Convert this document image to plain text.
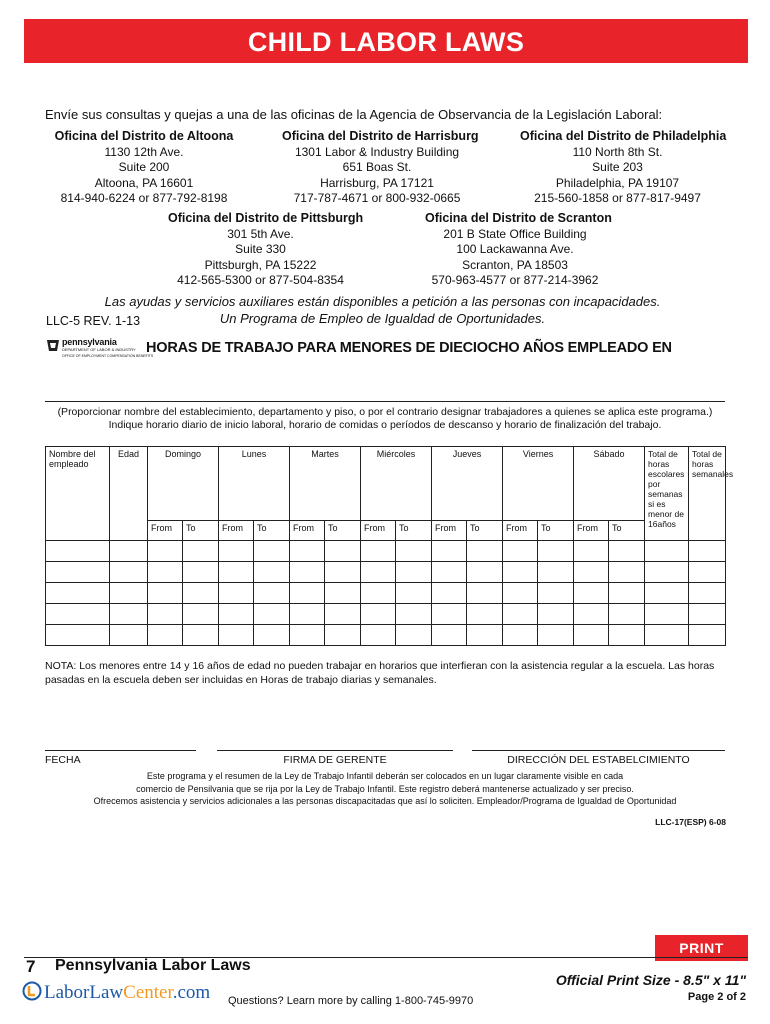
CHILD LABOR LAWS
Envíe sus consultas y quejas a una de las oficinas de la Agencia de Observancia de la Legislación Laboral:
Oficina del Distrito de Altoona
1130 12th Ave.
Suite 200
Altoona, PA 16601
814-940-6224 or 877-792-8198
Oficina del Distrito de Harrisburg
1301 Labor & Industry Building
651 Boas St.
Harrisburg, PA 17121
717-787-4671 or 800-932-0665
Oficina del Distrito de Philadelphia
110 North 8th St.
Suite 203
Philadelphia, PA 19107
215-560-1858 or 877-817-9497
Oficina del Distrito de Pittsburgh
301 5th Ave.
Suite 330
Pittsburgh, PA 15222
412-565-5300 or 877-504-8354
Oficina del Distrito de Scranton
201 B State Office Building
100 Lackawanna Ave.
Scranton, PA 18503
570-963-4577 or 877-214-3962
Las ayudas y servicios auxiliares están disponibles a petición a las personas con incapacidades.
Un Programa de Empleo de Igualdad de Oportunidades.
LLC-5 REV. 1-13
pennsylvania
DEPARTMENT OF LABOR & INDUSTRY
OFFICE OF EMPLOYMENT COMPENSATION BENEFITS
HORAS DE TRABAJO PARA MENORES DE DIECIOCHO AÑOS EMPLEADO EN
(Proporcionar nombre del establecimiento, departamento y piso, o por el contrario designar trabajadores a quienes se aplica este programa.)
Indique horario diario de inicio laboral, horario de comidas o períodos de descanso y horario de finalización del trabajo.
Nombre del empleado	Edad	Domingo		Lunes		Martes		Miércoles		Jueves		Viernes		Sábado		Total de horas escolares por semanas si es menor de 16años	Total de horas semanales
		From	To	From	To	From	To	From	To	From	To	From	To	From	To		

NOTA: Los menores entre 14 y 16 años de edad no pueden trabajar en horarios que interfieran con la asistencia regular a la escuela. Las horas pasadas en la escuela deben ser incluidas en Horas de trabajo diarias y semanales.
FECHA	FIRMA DE GERENTE	DIRECCIÓN DEL ESTABELCIMIENTO
Este programa y el resumen de la Ley de Trabajo Infantil deberán ser colocados en un lugar claramente visible en cada
comercio de Pensilvania que se rija por la Ley de Trabajo Infantil. Este registro deberá mantenerse actualizado y ser preciso.
Ofrecemos asistencia y servicios adicionales a las personas discapacitadas que así lo soliciten. Empleador/Programa de Igualdad de Oportunidad
LLC-17(ESP) 6-08
PRINT
7 Pennsylvania Labor Laws
LaborLawCenter.com Questions? Learn more by calling 1-800-745-9970
Official Print Size - 8.5" x 11"
Page 2 of 2
